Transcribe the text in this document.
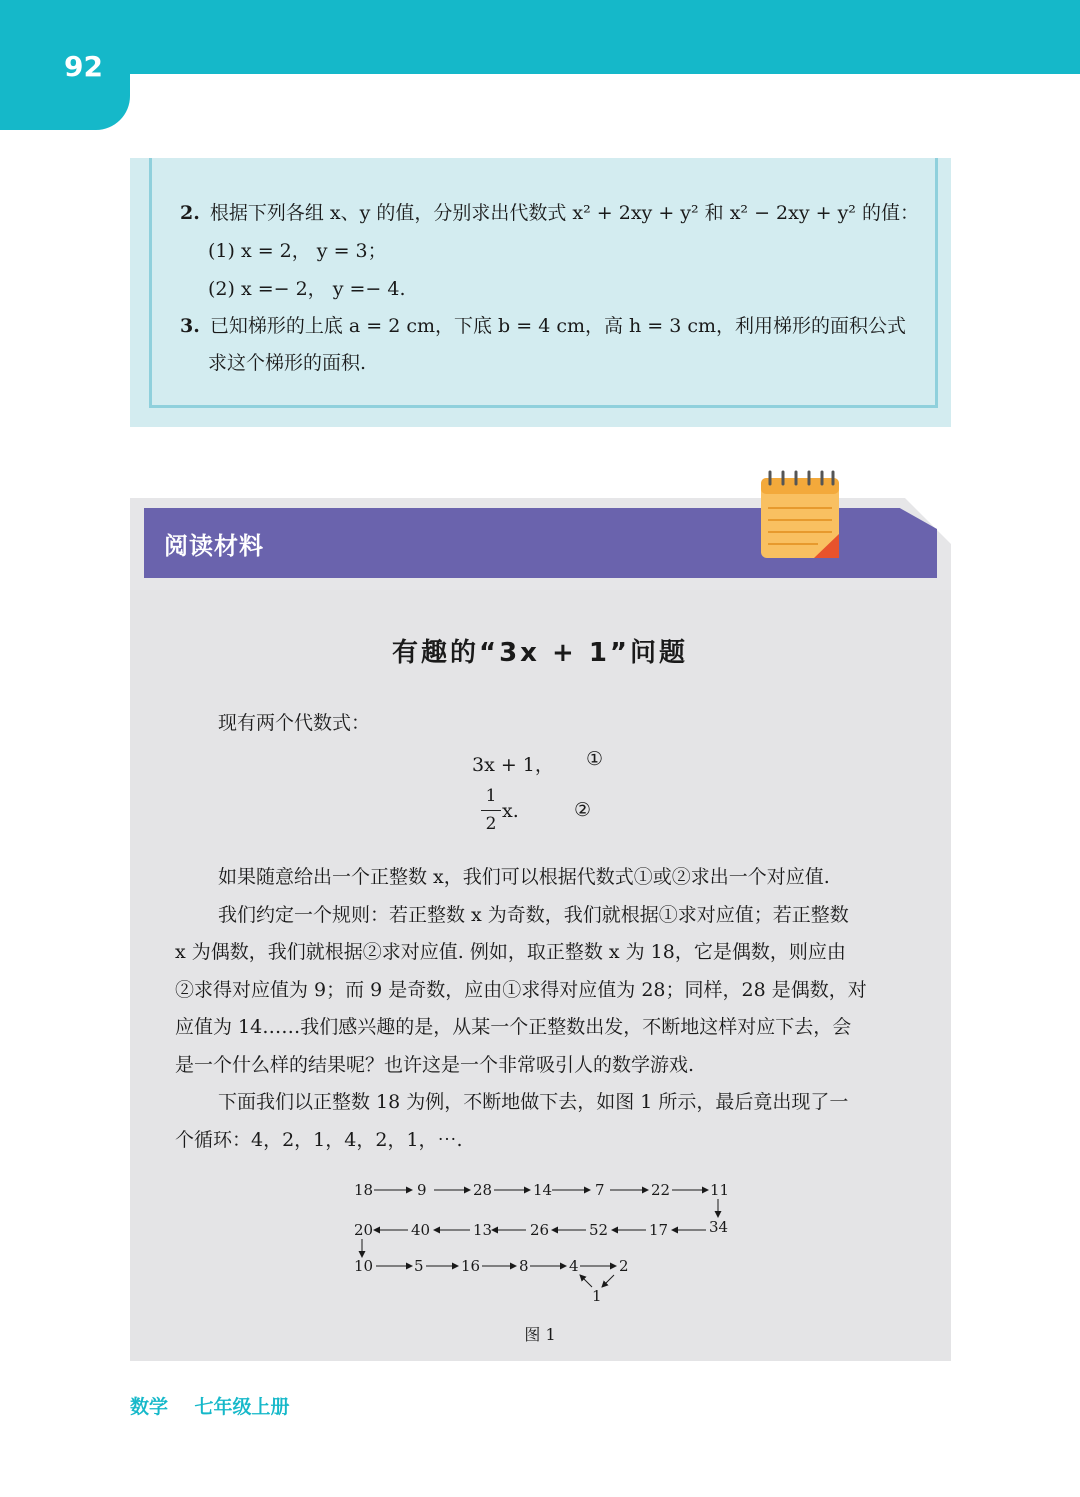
92
2. 根据下列各组 x、y 的值，分别求出代数式 x² + 2xy + y² 和 x² − 2xy + y² 的值：
(1) x = 2， y = 3；
(2) x =− 2， y =− 4.
3. 已知梯形的上底 a = 2 cm，下底 b = 4 cm，高 h = 3 cm，利用梯形的面积公式
求这个梯形的面积.
阅读材料
有趣的“3x + 1”问题
现有两个代数式：
3x + 1， ①
1
2
x.	②
如果随意给出一个正整数 x，我们可以根据代数式①或②求出一个对应值.
我们约定一个规则：若正整数 x 为奇数，我们就根据①求对应值；若正整数
x 为偶数，我们就根据②求对应值. 例如，取正整数 x 为 18，它是偶数，则应由
②求得对应值为 9；而 9 是奇数，应由①求得对应值为 28；同样，28 是偶数，对
应值为 14……我们感兴趣的是，从某一个正整数出发，不断地这样对应下去，会
是一个什么样的结果呢？也许这是一个非常吸引人的数学游戏.
下面我们以正整数 18 为例，不断地做下去，如图 1 所示，最后竟出现了一
个循环：4，2，1，4，2，1，⋯.
18	9	28	14	7	22	11
20	40	13	26	52	17	34
10	5 16	8	4	2
1
图 1
数学    七年级上册
